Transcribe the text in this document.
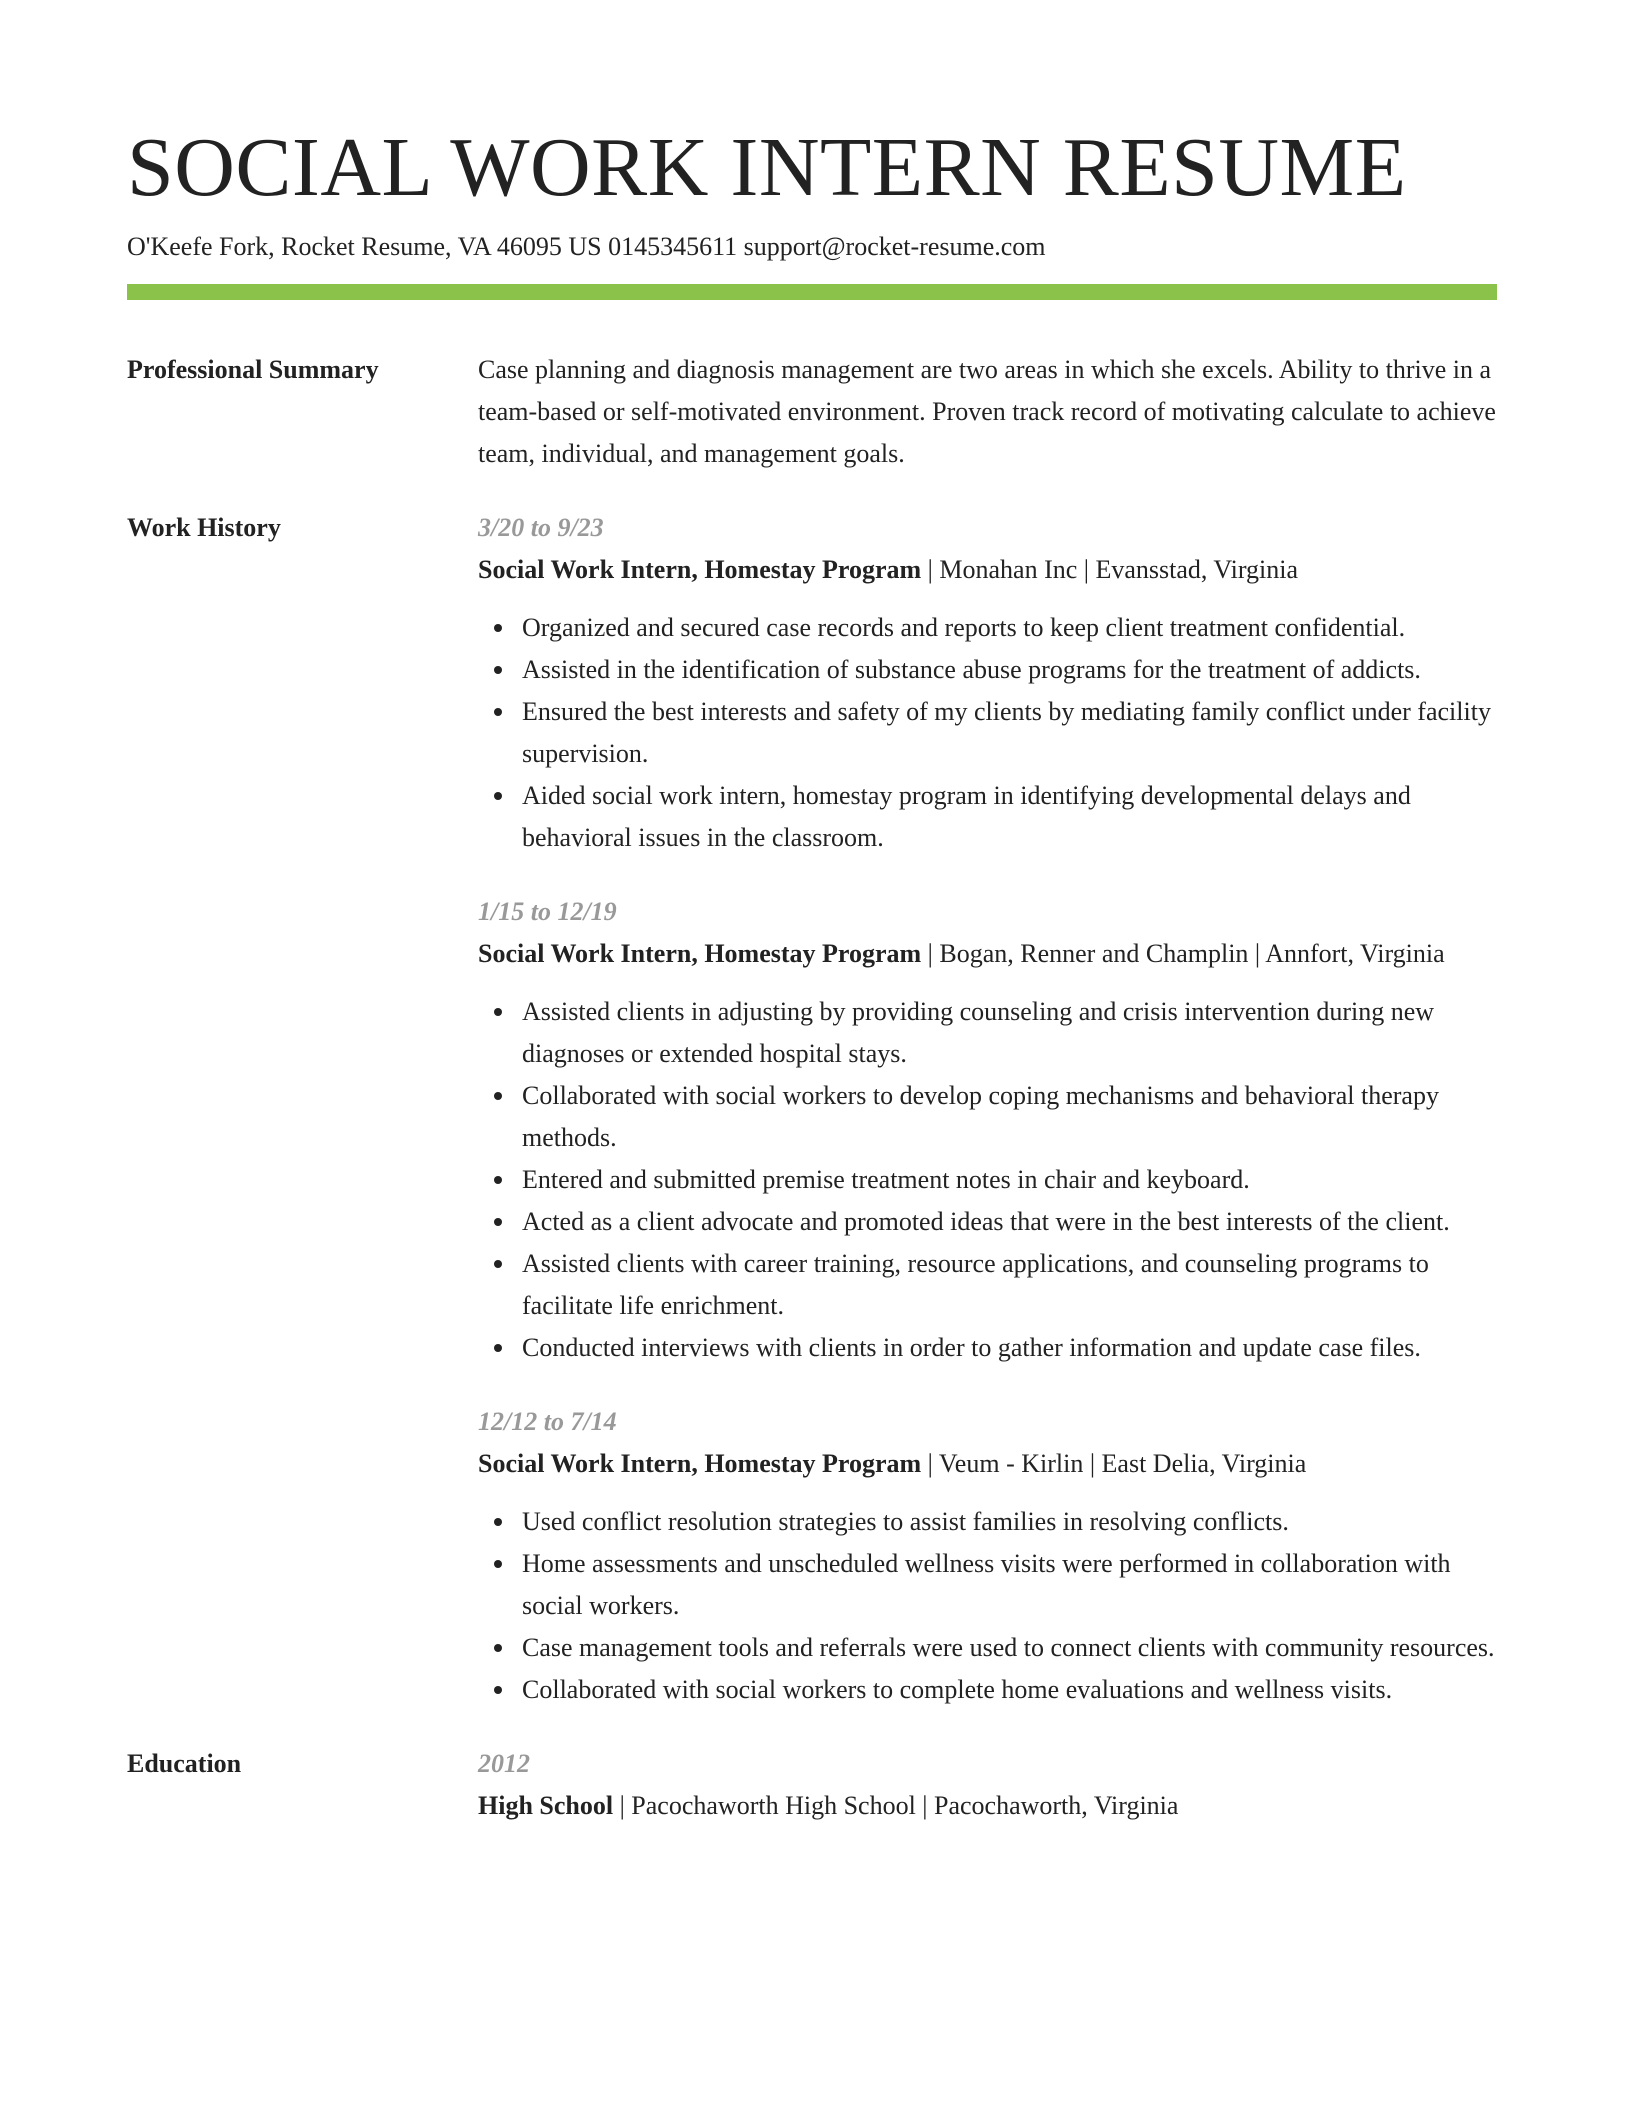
SOCIAL WORK INTERN RESUME
O'Keefe Fork, Rocket Resume, VA 46095 US 0145345611 support@rocket-resume.com
Professional Summary	Case planning and diagnosis management are two areas in which she excels. Ability to thrive in a team-based or self-motivated environment. Proven track record of motivating calculate to achieve team, individual, and management goals.

Work History	3/20 to 9/23
Social Work Intern, Homestay Program | Monahan Inc | Evansstad, Virginia
Organized and secured case records and reports to keep client treatment confidential.
Assisted in the identification of substance abuse programs for the treatment of addicts.
Ensured the best interests and safety of my clients by mediating family conflict under facility supervision.
Aided social work intern, homestay program in identifying developmental delays and behavioral issues in the classroom.
1/15 to 12/19
Social Work Intern, Homestay Program | Bogan, Renner and Champlin | Annfort, Virginia
Assisted clients in adjusting by providing counseling and crisis intervention during new diagnoses or extended hospital stays.
Collaborated with social workers to develop coping mechanisms and behavioral therapy methods.
Entered and submitted premise treatment notes in chair and keyboard.
Acted as a client advocate and promoted ideas that were in the best interests of the client.
Assisted clients with career training, resource applications, and counseling programs to facilitate life enrichment.
Conducted interviews with clients in order to gather information and update case files.
12/12 to 7/14
Social Work Intern, Homestay Program | Veum - Kirlin | East Delia, Virginia
Used conflict resolution strategies to assist families in resolving conflicts.
Home assessments and unscheduled wellness visits were performed in collaboration with social workers.
Case management tools and referrals were used to connect clients with community resources.
Collaborated with social workers to complete home evaluations and wellness visits.
Education	2012
High School | Pacochaworth High School | Pacochaworth, Virginia
